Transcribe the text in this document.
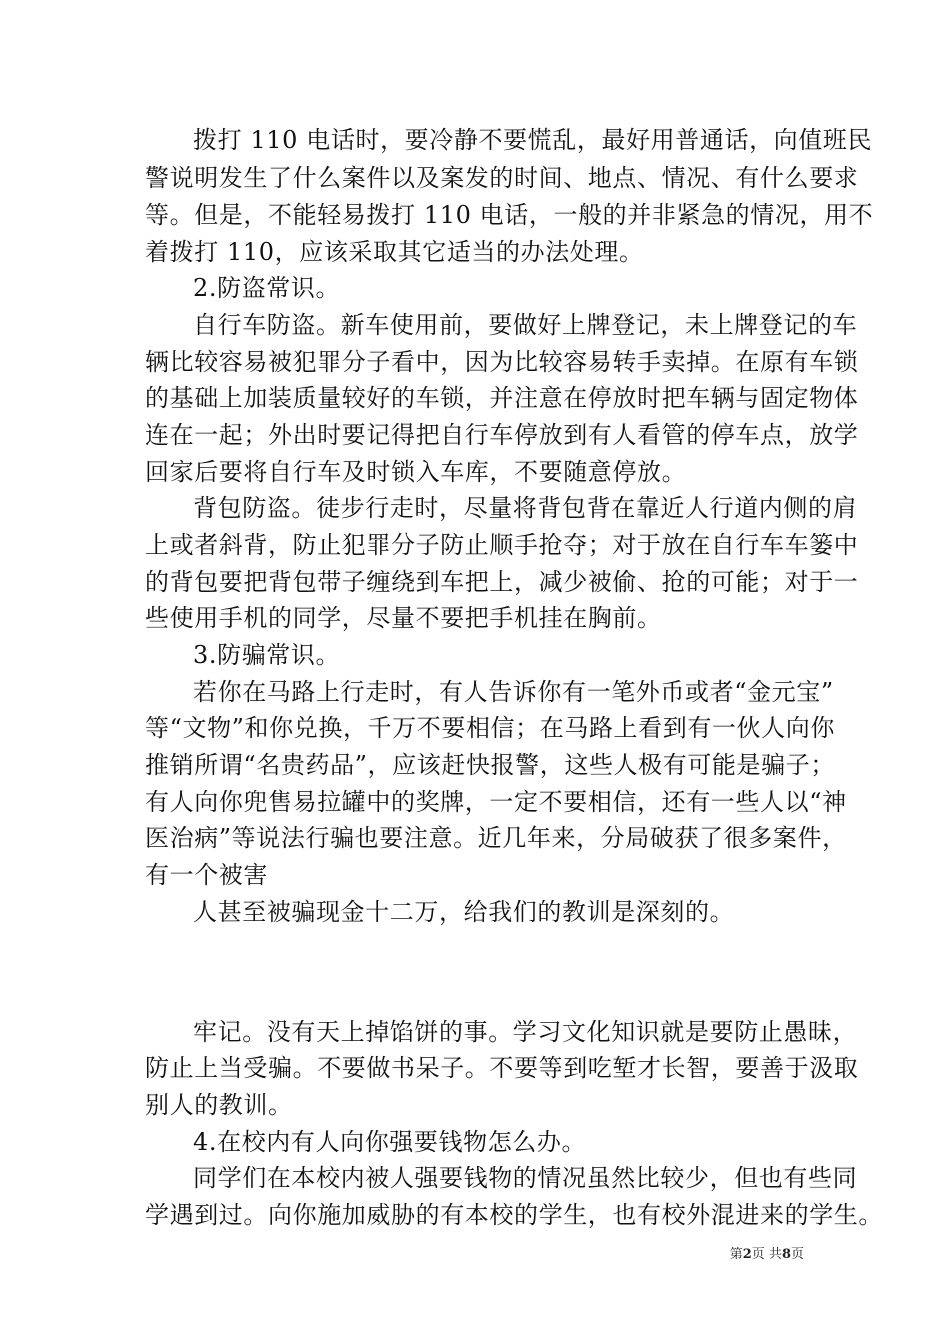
拨打 110 电话时，要冷静不要慌乱，最好用普通话，向值班民
警说明发生了什么案件以及案发的时间、地点、情况、有什么要求
等。但是，不能轻易拨打 110 电话，一般的并非紧急的情况，用不
着拨打 110，应该采取其它适当的办法处理。
2.防盗常识。
自行车防盗。新车使用前，要做好上牌登记，未上牌登记的车
辆比较容易被犯罪分子看中，因为比较容易转手卖掉。在原有车锁
的基础上加装质量较好的车锁，并注意在停放时把车辆与固定物体
连在一起；外出时要记得把自行车停放到有人看管的停车点，放学
回家后要将自行车及时锁入车库，不要随意停放。
背包防盗。徒步行走时，尽量将背包背在靠近人行道内侧的肩
上或者斜背，防止犯罪分子防止顺手抢夺；对于放在自行车车篓中
的背包要把背包带子缠绕到车把上，减少被偷、抢的可能；对于一
些使用手机的同学，尽量不要把手机挂在胸前。
3.防骗常识。
若你在马路上行走时，有人告诉你有一笔外币或者“金元宝”
等“文物”和你兑换，千万不要相信；在马路上看到有一伙人向你
推销所谓“名贵药品”，应该赶快报警，这些人极有可能是骗子；
有人向你兜售易拉罐中的奖牌，一定不要相信，还有一些人以“神
医治病”等说法行骗也要注意。近几年来，分局破获了很多案件，
有一个被害
人甚至被骗现金十二万，给我们的教训是深刻的。
牢记。没有天上掉馅饼的事。学习文化知识就是要防止愚昧，
防止上当受骗。不要做书呆子。不要等到吃堑才长智，要善于汲取
别人的教训。
4.在校内有人向你强要钱物怎么办。
同学们在本校内被人强要钱物的情况虽然比较少，但也有些同
学遇到过。向你施加威胁的有本校的学生，也有校外混进来的学生。
第2页 共8页
